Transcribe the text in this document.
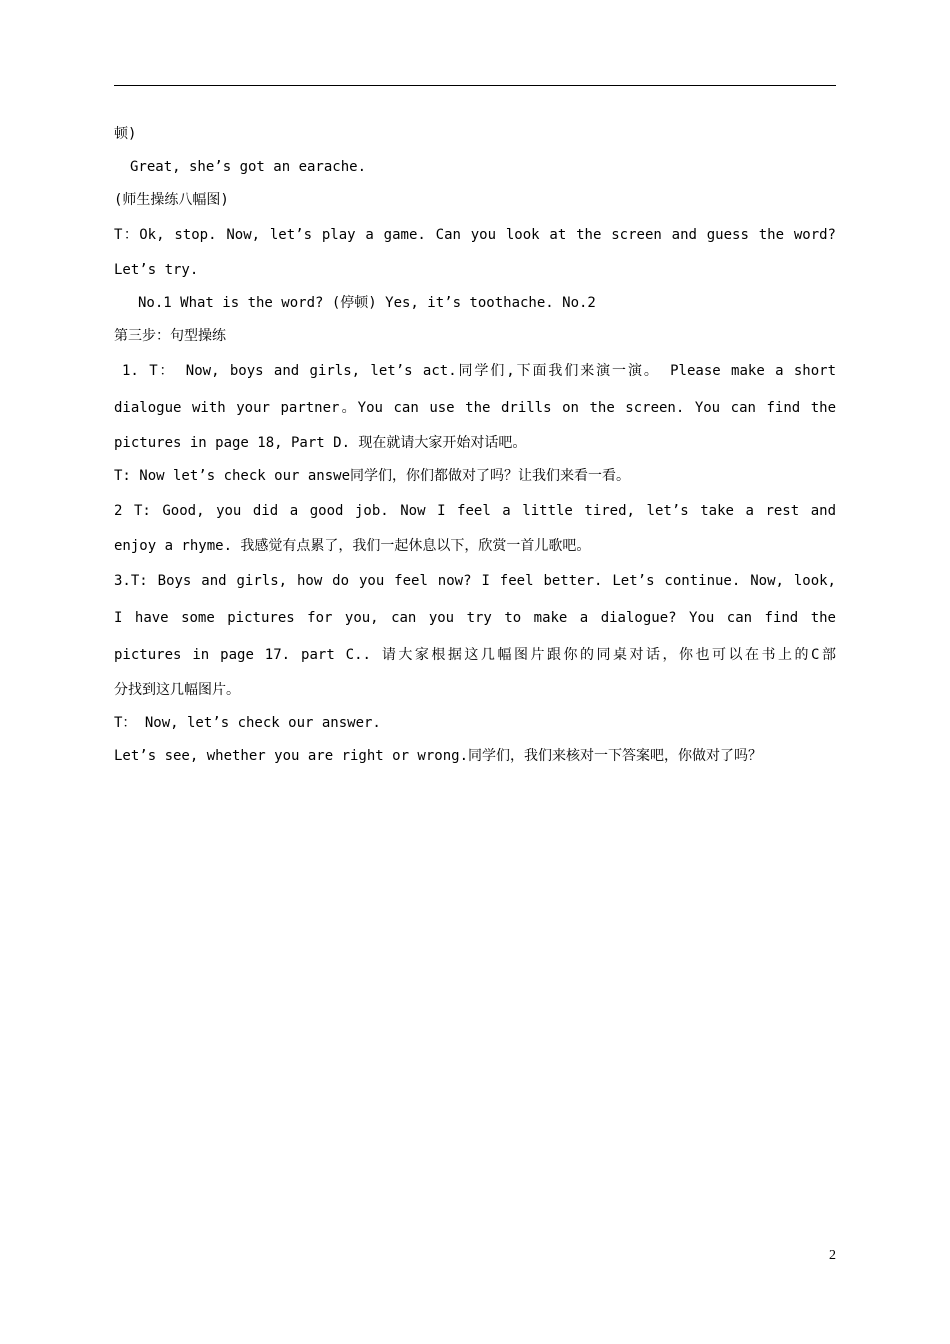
顿)
Great, she’s got an earache.
(师生操练八幅图)
T：Ok, stop. Now, let’s play a game. Can you look at the screen and guess the word?
Let’s try.
No.1 What is the word? (停顿) Yes, it’s toothache. No.2
第三步：句型操练
1. T： Now, boys and girls, let’s act.同学们,下面我们来演一演。 Please make a short
dialogue with your partner。You can use the drills on the screen. You can find the
pictures in page 18, Part D. 现在就请大家开始对话吧。
T: Now let’s check our answe同学们，你们都做对了吗？让我们来看一看。
2 T: Good, you did a good job. Now I feel a little tired, let’s take a rest and
enjoy a rhyme. 我感觉有点累了，我们一起休息以下，欣赏一首儿歌吧。
3.T: Boys and girls, how do you feel now? I feel better. Let’s continue. Now, look,
I have some pictures for you, can you try to make a dialogue? You can find the
pictures in page 17. part C.. 请大家根据这几幅图片跟你的同桌对话，你也可以在书上的C部
分找到这几幅图片。
T： Now, let’s check our answer.
Let’s see, whether you are right or wrong.同学们，我们来核对一下答案吧，你做对了吗？
2
